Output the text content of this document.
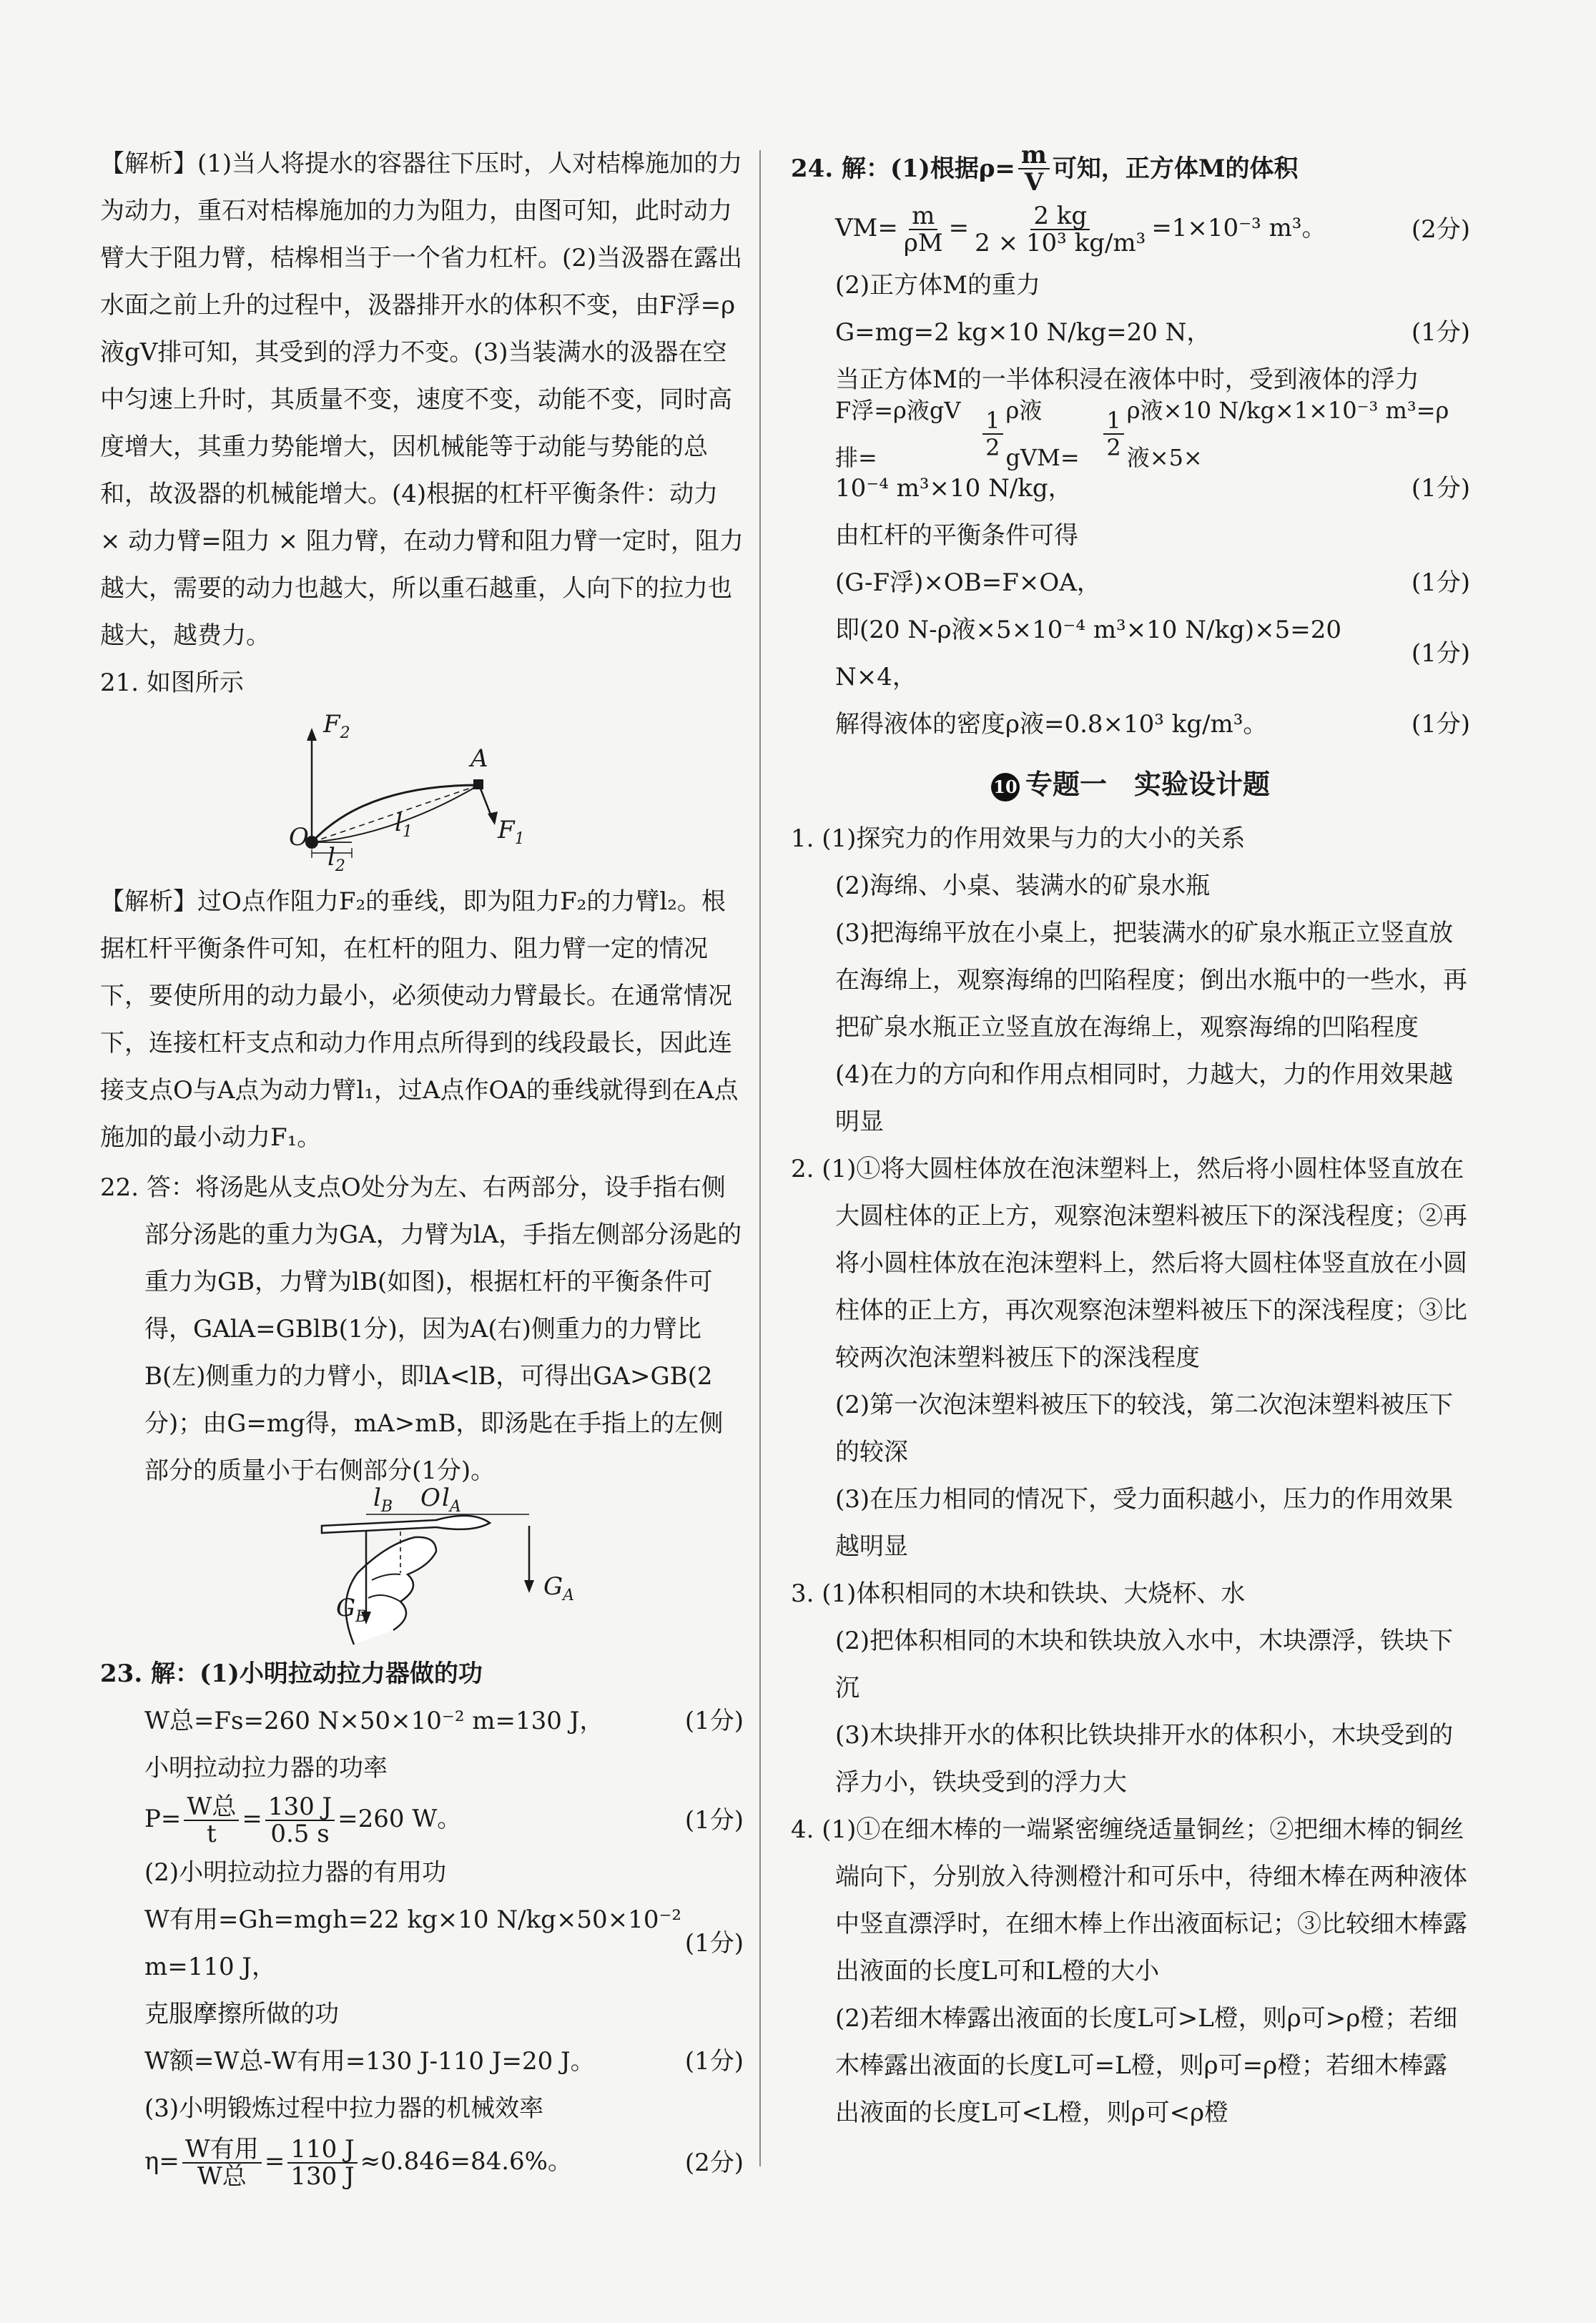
【解析】(1)当人将提水的容器往下压时，人对桔槔施加的力为动力，重石对桔槔施加的力为阻力，由图可知，此时动力臂大于阻力臂，桔槔相当于一个省力杠杆。(2)当汲器在露出水面之前上升的过程中，汲器排开水的体积不变，由F浮=ρ液gV排可知，其受到的浮力不变。(3)当装满水的汲器在空中匀速上升时，其质量不变，速度不变，动能不变，同时高度增大，其重力势能增大，因机械能等于动能与势能的总和，故汲器的机械能增大。(4)根据的杠杆平衡条件：动力 × 动力臂=阻力 × 阻力臂，在动力臂和阻力臂一定时，阻力越大，需要的动力也越大，所以重石越重，人向下的拉力也越大，越费力。

21. 如图所示

$F_2$
A
O	$l_1$
$l_2$
$F_1$

【解析】过O点作阻力F₂的垂线，即为阻力F₂的力臂l₂。根据杠杆平衡条件可知，在杠杆的阻力、阻力臂一定的情况下，要使所用的动力最小，必须使动力臂最长。在通常情况下，连接杠杆支点和动力作用点所得到的线段最长，因此连接支点O与A点为动力臂l₁，过A点作OA的垂线就得到在A点施加的最小动力F₁。

22. 答：将汤匙从支点O处分为左、右两部分，设手指右侧部分汤匙的重力为GA，力臂为lA，手指左侧部分汤匙的重力为GB，力臂为lB(如图)，根据杠杆的平衡条件可得，GAlA=GBlB(1分)，因为A(右)侧重力的力臂比B(左)侧重力的力臂小，即lA<lB，可得出GA>GB(2分)；由G=mg得，mA>mB，即汤匙在手指上的左侧部分的质量小于右侧部分(1分)。

$l_B$ O $l_A$
$G_B$
$G_A$

23. 解：(1)小明拉动拉力器做的功

W总=Fs=260 N×50×10⁻² m=130 J，	(1分)

小明拉动拉力器的功率

$P= \frac{\text{W总}}{t} = \frac{130 J}{0.5 s} =260$ W。	(1分)

(2)小明拉动拉力器的有用功

W有用=Gh=mgh=22 kg×10 N/kg×50×10⁻² m=110 J，
(1分)

克服摩擦所做的功

W额=W总-W有用=130 J-110 J=20 J。	(1分)

(3)小明锻炼过程中拉力器的机械效率

$\eta= \frac{\text{W有用}}{\text{W总}} = \frac{110 J}{130 J} \approx 0.846=84.6\%$。	(2分)

24. 解：(1)根据$\rho= \frac{m}{V}$ 可知，正方体M的体积

$VM= \frac{m}{\rho M} = \frac{2 kg}{\text{2 × 10³ kg/m³}} =1\times 10^{-3}$ m³。	(2分)

(2)正方体M的重力

G=mg=2 kg×10 N/kg=20 N，	(1分)

当正方体M的一半体积浸在液体中时，受到液体的浮力

F浮=ρ液gV排=	$\frac{1}{2}$ ρ液gVM=	$\frac{1}{2}$ ρ液×10 N/kg×1×10⁻³ m³=ρ液×5×

10⁻⁴ m³×10 N/kg，	(1分)

由杠杆的平衡条件可得

(G-F浮)×OB=F×OA，	(1分)
即(20 N-ρ液×5×10⁻⁴ m³×10 N/kg)×5=20 N×4，
(1分)
解得液体的密度ρ液=0.8×10³ kg/m³。	(1分)
10 专题一　实验设计题

1. (1)探究力的作用效果与力的大小的关系

(2)海绵、小桌、装满水的矿泉水瓶

(3)把海绵平放在小桌上，把装满水的矿泉水瓶正立竖直放在海绵上，观察海绵的凹陷程度；倒出水瓶中的一些水，再把矿泉水瓶正立竖直放在海绵上，观察海绵的凹陷程度

(4)在力的方向和作用点相同时，力越大，力的作用效果越明显

2. (1)①将大圆柱体放在泡沫塑料上，然后将小圆柱体竖直放在大圆柱体的正上方，观察泡沫塑料被压下的深浅程度；②再将小圆柱体放在泡沫塑料上，然后将大圆柱体竖直放在小圆柱体的正上方，再次观察泡沫塑料被压下的深浅程度；③比较两次泡沫塑料被压下的深浅程度

(2)第一次泡沫塑料被压下的较浅，第二次泡沫塑料被压下的较深

(3)在压力相同的情况下，受力面积越小，压力的作用效果越明显

3. (1)体积相同的木块和铁块、大烧杯、水

(2)把体积相同的木块和铁块放入水中，木块漂浮，铁块下沉

(3)木块排开水的体积比铁块排开水的体积小，木块受到的浮力小，铁块受到的浮力大

4. (1)①在细木棒的一端紧密缠绕适量铜丝；②把细木棒的铜丝端向下，分别放入待测橙汁和可乐中，待细木棒在两种液体中竖直漂浮时，在细木棒上作出液面标记；③比较细木棒露出液面的长度L可和L橙的大小

(2)若细木棒露出液面的长度L可>L橙，则ρ可>ρ橙；若细木棒露出液面的长度L可=L橙，则ρ可=ρ橙；若细木棒露出液面的长度L可<L橙，则ρ可<ρ橙
